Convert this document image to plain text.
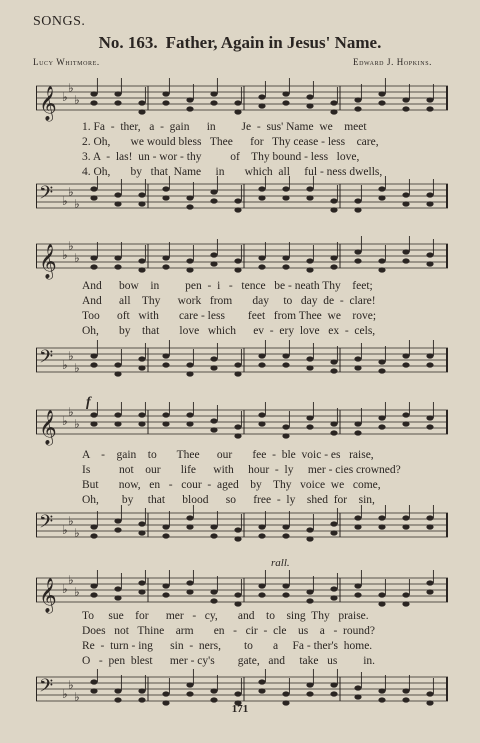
SONGS.
No. 163. Father, Again in Jesus' Name.
Lucy Whitmore.	Edward J. Hopkins.
𝄞 ♭
♭
♭
1. Fa  -  ther,   a  -  gain      in         Je  -  sus' Name  we    meet
2. Oh,       we would bless   Thee      for   Thy cease - less    care,
3. A  -  las!  un - wor - thy          of    Thy bound - less   love,
4. Oh,       by   that  Name     in       which  all     ful - ness dwells,
𝄢 ♭
♭
♭
𝄞 ♭
♭
♭
And      bow    in         pen  -  i   -   tence   be - neath Thy    feet;
And      all    Thy      work   from       day     to   day  de  -  clare!
Too      oft   with       care - less        feet   from Thee  we    rove;
Oh,       by    that       love   which      ev  -  ery  love   ex  -  cels,
𝄢 ♭
♭
♭
f
𝄞 ♭
♭
♭
A    -    gain    to       Thee      our       fee  -  ble  voic - es   raise,
Is          not    our       life      with     hour  -  ly     mer - cies crowned?
But       now,   en   -   cour  -  aged    by    Thy   voice  we   come,
Oh,        by     that      blood      so      free  -  ly    shed  for    sin,
𝄢 ♭
♭
♭
rall.
𝄞 ♭
♭
♭
To     sue    for      mer   -   cy,       and    to    sing  Thy   praise.
Does   not   Thine    arm       en   -   cir  -  cle    us    a   -  round?
Re  -  turn - ing      sin  -  ners,        to       a     Fa - ther's  home.
O   -  pen  blest      mer - cy's        gate,   and     take   us         in.
𝄢 ♭
♭
♭
171
